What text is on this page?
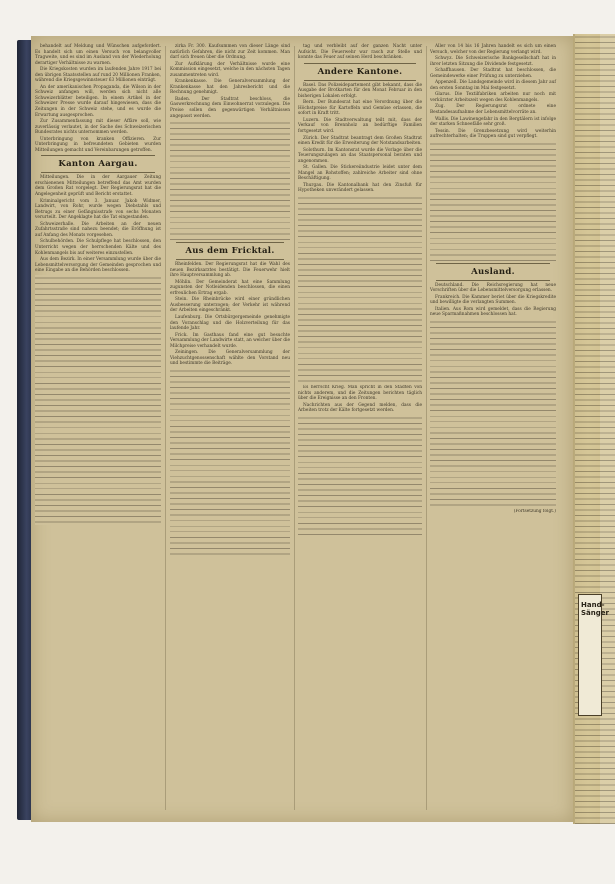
behandelt auf Meldung und Wünschen aufgefordert. Es handelt sich um einen Versuch von belangvoller Tragweite, und es sind im Ausland von der Wiederholung derartiger Verhältnisse zu warnen.

Die Kriegskosten wurden im laufenden Jahre 1917 bei den übrigen Staatsstellen auf rund 20 Millionen Franken, während die Kriegsgewinnsteuer 63 Millionen einträgt.

An der amerikanischen Propaganda, die Wilson in der Schweiz anfangen will, werden sich nicht alle Schweizerblätter beteiligen. In einem Artikel in der Schweizer Presse wurde darauf hingewiesen, dass die Zeitungen in der Schweiz stehe, und es wurde die Erwartung ausgesprochen.

Zur Zusammenfassung mit dieser Affäre soll, wie zuverlässig verlautet, in der Sache des Schweizerischen Bundesrates nichts unternommen werden.

Unterbringung von kranken Offizieren. Zur Unterbringung in befreundeten Gebieten wurden Mitteilungen gemacht und Vereinbarungen getroffen.

Kanton Aargau.

Mitteilungen. Die in der Aargauer Zeitung erschienenen Mitteilungen betreffend das Amt wurden dem Großen Rat vorgelegt. Der Regierungsrat hat die Angelegenheit geprüft und Bericht erstattet.

Kriminalgericht vom 3. Januar. Jakob Widmer, Landwirt, von Rohr, wurde wegen Diebstahls und Betrugs zu einer Gefängnisstrafe von sechs Monaten verurteilt. Der Angeklagte hat die Tat eingestanden.

Schweizerhalle. Die Arbeiten an der neuen Zufahrtsstraße sind nahezu beendet; die Eröffnung ist auf Anfang des Monats vorgesehen.

Schulbehörden. Die Schulpflege hat beschlossen, den Unterricht wegen der herrschenden Kälte und des Kohlenmangels bis auf weiteres einzustellen.

Aus dem Bezirk. In einer Versammlung wurde über die Lebensmittelversorgung der Gemeinden gesprochen und eine Eingabe an die Behörden beschlossen.

zirka Fr. 300. Kaufsummen von dieser Länge sind natürlich Gefahren, die nicht zur Zeit kommen. Man darf sich freuen über die Ordnung.

Zur Aufklärung der Verhältnisse wurde eine Kommission eingesetzt, welche in den nächsten Tagen zusammentreten wird.

Krankenkasse. Die Generalversammlung der Krankenkasse hat den Jahresbericht und die Rechnung genehmigt.

Baden. Der Stadtrat beschloss, die Gaswerkrechnung dem Einwohnerrat vorzulegen. Die Preise sollen den gegenwärtigen Verhältnissen angepasst werden.

Aus dem Fricktal.

Rheinfelden. Der Regierungsrat hat die Wahl des neuen Bezirksarztes bestätigt. Die Feuerwehr hielt ihre Hauptversammlung ab.

Möhlin. Der Gemeinderat hat eine Sammlung zugunsten der Notleidenden beschlossen, die einen erfreulichen Ertrag ergab.

Stein. Die Rheinbrücke wird einer gründlichen Ausbesserung unterzogen; der Verkehr ist während der Arbeiten eingeschränkt.

Laufenburg. Die Ortsbürgergemeinde genehmigte den Voranschlag und die Holzverteilung für das laufende Jahr.

Frick. Im Gasthaus fand eine gut besuchte Versammlung der Landwirte statt, an welcher über die Milchpreise verhandelt wurde.

Zeiningen. Die Generalversammlung der Viehzuchtgenossenschaft wählte den Vorstand neu und bestimmte die Beiträge.

tag und verbleibt auf der ganzen Nacht unter Aufsicht. Die Feuerwehr war rasch zur Stelle und konnte das Feuer auf seinen Herd beschränken.

Andere Kantone.

Basel. Das Polizeidepartement gibt bekannt, dass die Ausgabe der Brotkarten für den Monat Februar in den bisherigen Lokalen erfolgt.

Bern. Der Bundesrat hat eine Verordnung über die Höchstpreise für Kartoffeln und Gemüse erlassen, die sofort in Kraft tritt.

Luzern. Die Stadtverwaltung teilt mit, dass der Verkauf von Brennholz an bedürftige Familien fortgesetzt wird.

Zürich. Der Stadtrat beantragt dem Großen Stadtrat einen Kredit für die Erweiterung der Notstandsarbeiten.

Solothurn. Im Kantonsrat wurde die Vorlage über die Teuerungszulagen an das Staatspersonal beraten und angenommen.

St. Gallen. Die Stickereiindustrie leidet unter dem Mangel an Rohstoffen; zahlreiche Arbeiter sind ohne Beschäftigung.

Thurgau. Die Kantonalbank hat den Zinsfuß für Hypotheken unverändert gelassen.

Es herrscht Krieg. Man spricht in den Städten von nichts anderem, und die Zeitungen berichten täglich über die Ereignisse an den Fronten.

Nachrichten aus der Gegend melden, dass die Arbeiten trotz der Kälte fortgesetzt werden.

Aller von 14 bis 16 Jahren handelt es sich um einen Versuch, welcher von der Regierung verlangt wird.

Schwyz. Die Schweizerische Bankgesellschaft hat in ihrer letzten Sitzung die Dividende festgesetzt.

Schaffhausen. Der Stadtrat hat beschlossen, die Gemeindewerke einer Prüfung zu unterziehen.

Appenzell. Die Landsgemeinde wird in diesem Jahr auf den ersten Sonntag im Mai festgesetzt.

Glarus. Die Textilfabriken arbeiten nur noch mit verkürzter Arbeitszeit wegen des Kohlenmangels.

Zug. Der Regierungsrat ordnete eine Bestandesaufnahme der Lebensmittelvorräte an.

Wallis. Die Lawinengefahr in den Bergtälern ist infolge der starken Schneefälle sehr groß.

Tessin. Die Grenzbesetzung wird weiterhin aufrechterhalten; die Truppen sind gut verpflegt.

Ausland.

Deutschland. Die Reichsregierung hat neue Vorschriften über die Lebensmittelversorgung erlassen.

Frankreich. Die Kammer beriet über die Kriegskredite und bewilligte die verlangten Summen.

Italien. Aus Rom wird gemeldet, dass die Regierung neue Sparmaßnahmen beschlossen hat.

(Fortsetzung folgt.)

Hand-Sänger
